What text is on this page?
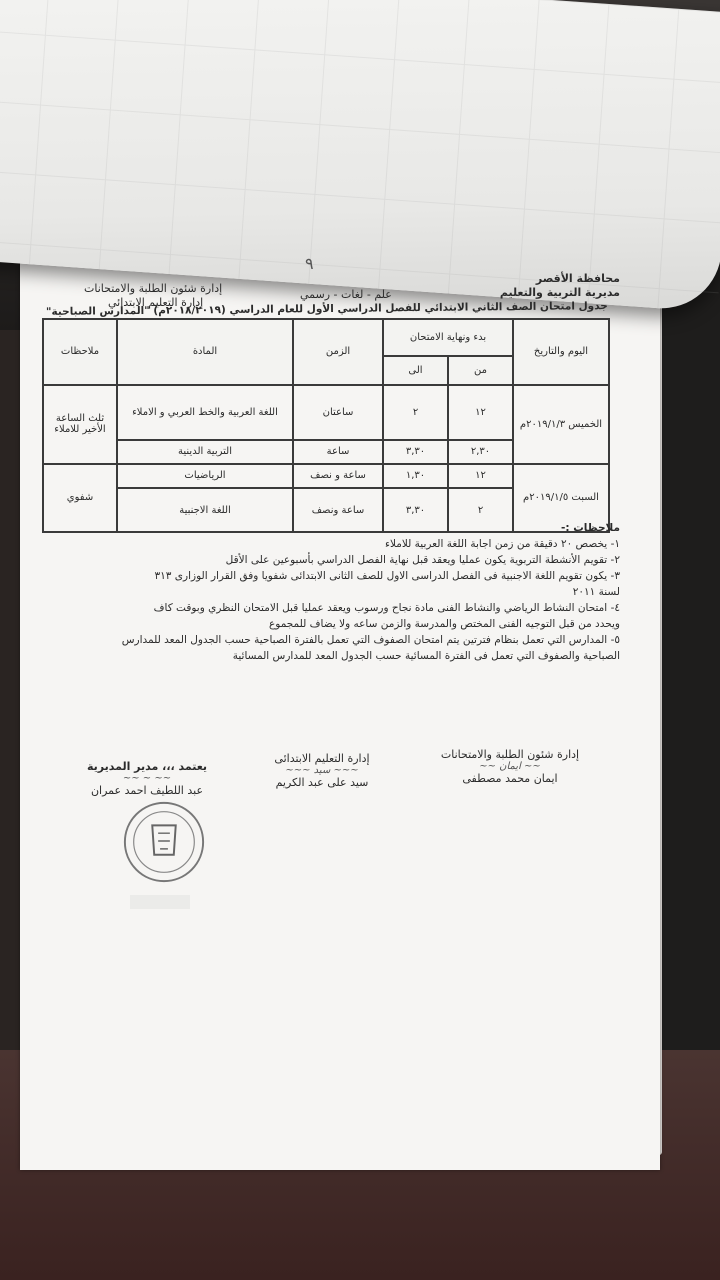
٩
محافظة الأقصر
مديرية التربية والتعليم
علم - لغات - رسمي
إدارة شئون الطلبة والامتحانات
إدارة التعليم الابتدائي
جدول امتحان الصف الثاني الابتدائي للفصل الدراسي الأول للعام الدراسي (٢٠١٨/٢٠١٩م) "المدارس الصباحية"
اليوم والتاريخ	بدء ونهاية الامتحان		الزمن	المادة	ملاحظات
	من	الى			
الخميس ٢٠١٩/١/٣م	١٢	٢	ساعتان	اللغة العربية والخط العربي و الاملاء	ثلث الساعة الأخير للاملاء
	٢,٣٠	٣,٣٠	ساعة	التربية الدينية	
السبت ٢٠١٩/١/٥م	١٢	١,٣٠	ساعة و نصف	الرياضيات	شفوي
	٢	٣,٣٠	ساعة ونصف	اللغة الاجنبية	

ملاحظات :-

١- يخصص ٢٠ دقيقة من زمن اجابة اللغة العربية للاملاء

٢- تقويم الأنشطة التربوية يكون عمليا ويعقد قبل نهاية الفصل الدراسي بأسبوعين على الأقل

٣- يكون تقويم اللغة الاجنبية فى الفصل الدراسى الاول للصف الثانى الابتدائى شفويا وفق القرار الوزارى ٣١٣

لسنة ٢٠١١

٤- امتحان النشاط الرياضي والنشاط الفنى مادة نجاح ورسوب ويعقد عمليا قبل الامتحان النظري وبوقت كاف

ويحدد من قبل التوجيه الفنى المختص والمدرسة والزمن ساعه ولا يضاف للمجموع

٥- المدارس التي تعمل بنظام فترتين يتم امتحان الصفوف التي تعمل بالفترة الصباحية حسب الجدول المعد للمدارس

الصباحية والصفوف التي تعمل فى الفترة المسائية حسب الجدول المعد للمدارس المسائية

إدارة شئون الطلبة والامتحانات
~~ ايمان ~~
ايمان محمد مصطفى
إدارة التعليم الابتدائى
~~~ سيد ~~~
سيد على عبد الكريم
يعتمد ،،، مدير المديرية
~~ ~ ~~
عبد اللطيف احمد عمران
